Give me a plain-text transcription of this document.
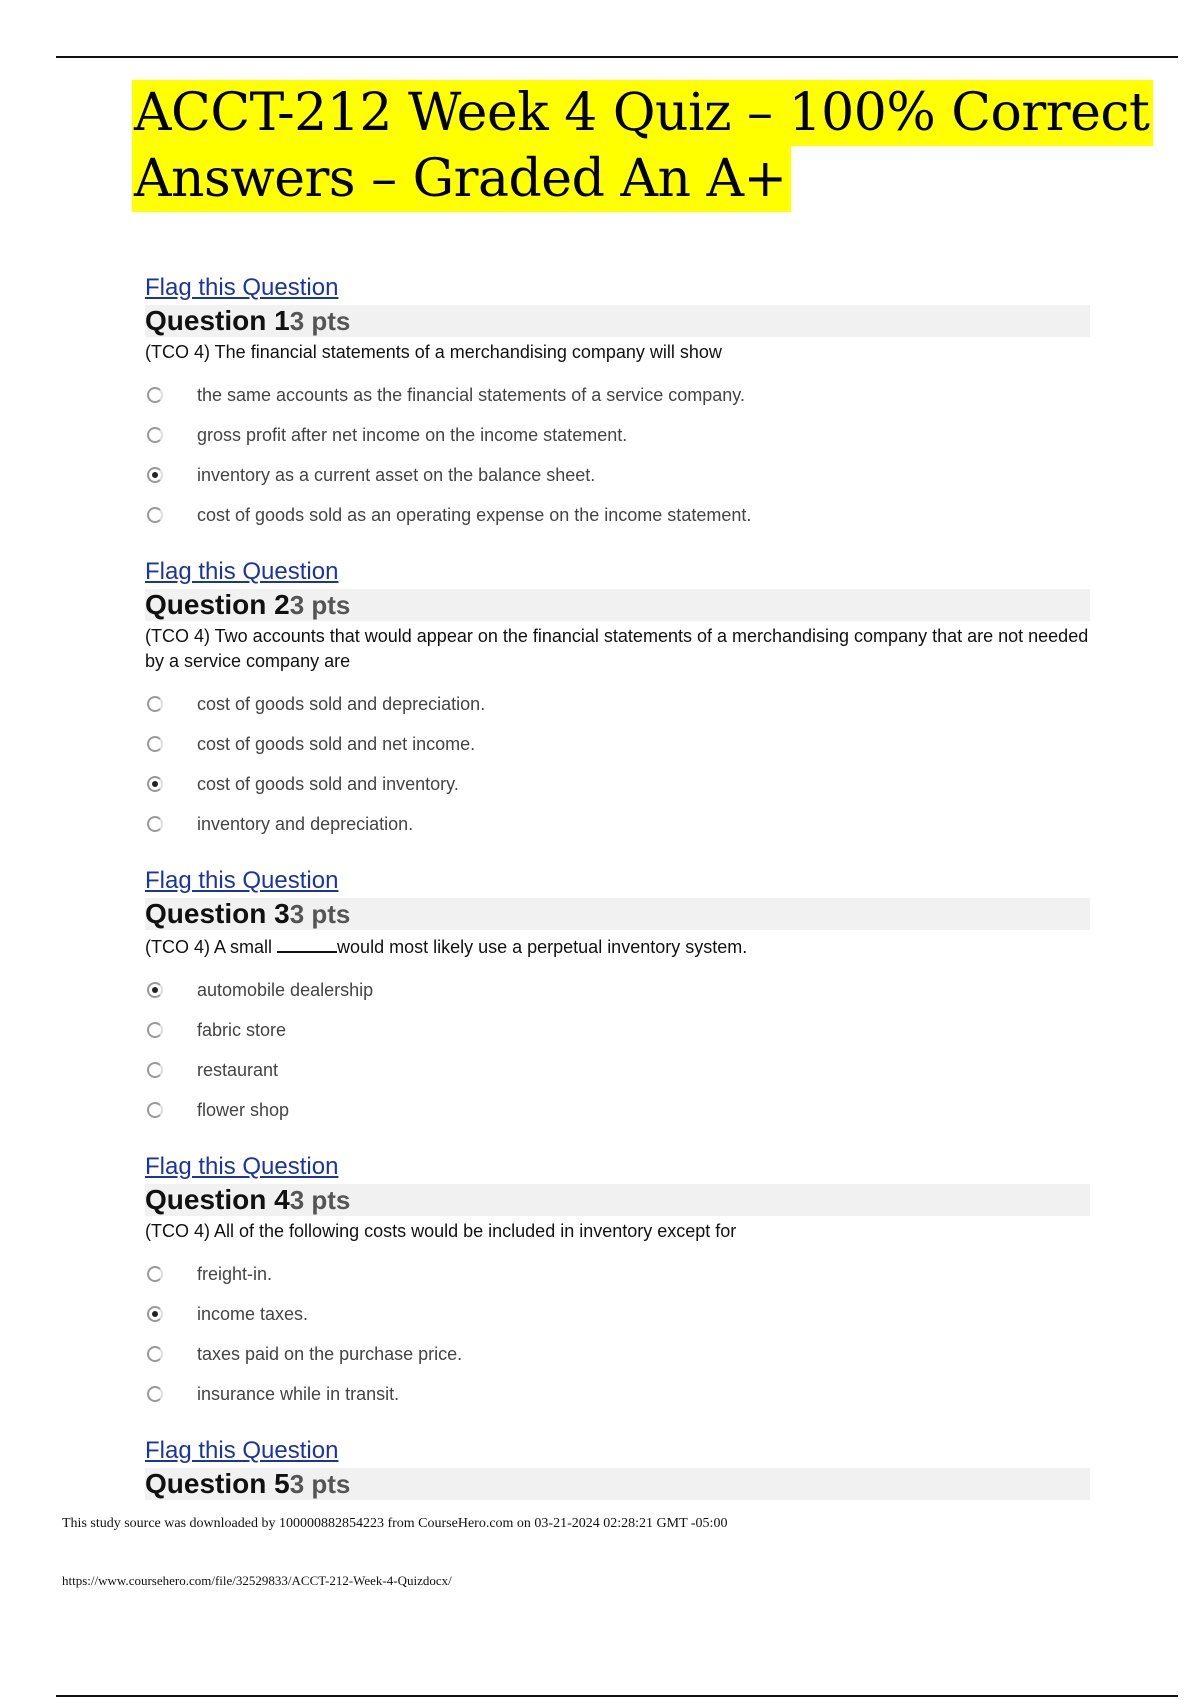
ACCT-212 Week 4 Quiz – 100% Correct
Answers – Graded An A+
Flag this Question
Question 1 3 pts
(TCO 4) The financial statements of a merchandising company will show
the same accounts as the financial statements of a service company.
gross profit after net income on the income statement.
inventory as a current asset on the balance sheet.
cost of goods sold as an operating expense on the income statement.
Flag this Question
Question 2 3 pts
(TCO 4) Two accounts that would appear on the financial statements of a merchandising company that are not needed by a service company are
cost of goods sold and depreciation.
cost of goods sold and net income.
cost of goods sold and inventory.
inventory and depreciation.
Flag this Question
Question 3 3 pts
(TCO 4) A small	would most likely use a perpetual inventory system.
automobile dealership
fabric store
restaurant
flower shop
Flag this Question
Question 4 3 pts
(TCO 4) All of the following costs would be included in inventory except for
freight-in.
income taxes.
taxes paid on the purchase price.
insurance while in transit.
Flag this Question
Question 5 3 pts
This study source was downloaded by 100000882854223 from CourseHero.com on 03-21-2024 02:28:21 GMT -05:00
https://www.coursehero.com/file/32529833/ACCT-212-Week-4-Quizdocx/
